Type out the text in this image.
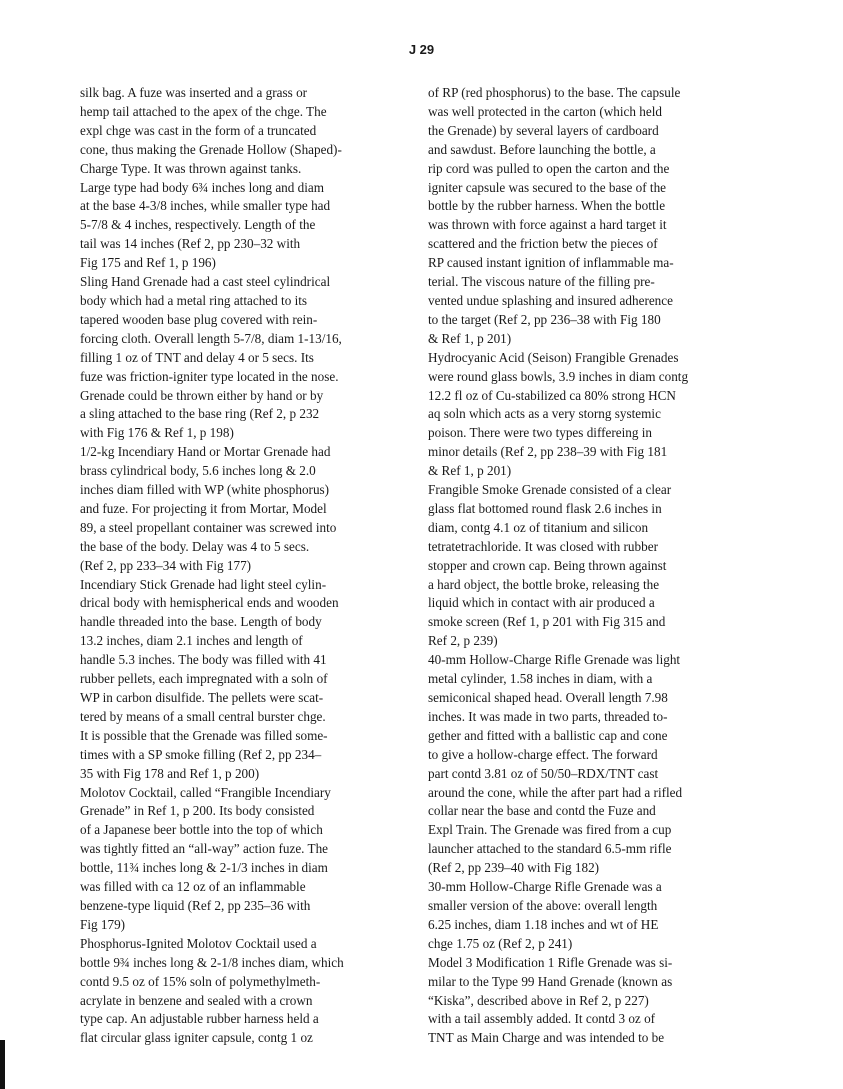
J 29
silk bag. A fuze was inserted and a grass or
hemp tail attached to the apex of the chge. The
expl chge was cast in the form of a truncated
cone, thus making the Grenade Hollow (Shaped)-
Charge Type. It was thrown against tanks.
Large type had body 6¾ inches long and diam
at the base 4-3/8 inches, while smaller type had
5-7/8 & 4 inches, respectively. Length of the
tail was 14 inches (Ref 2, pp 230–32 with
Fig 175 and Ref 1, p 196)
Sling Hand Grenade had a cast steel cylindrical
body which had a metal ring attached to its
tapered wooden base plug covered with rein-
forcing cloth. Overall length 5-7/8, diam 1-13/16,
filling 1 oz of TNT and delay 4 or 5 secs. Its
fuze was friction-igniter type located in the nose.
Grenade could be thrown either by hand or by
a sling attached to the base ring (Ref 2, p 232
with Fig 176 & Ref 1, p 198)
1/2-kg Incendiary Hand or Mortar Grenade had
brass cylindrical body, 5.6 inches long & 2.0
inches diam filled with WP (white phosphorus)
and fuze. For projecting it from Mortar, Model
89, a steel propellant container was screwed into
the base of the body. Delay was 4 to 5 secs.
(Ref 2, pp 233–34 with Fig 177)
Incendiary Stick Grenade had light steel cylin-
drical body with hemispherical ends and wooden
handle threaded into the base. Length of body
13.2 inches, diam 2.1 inches and length of
handle 5.3 inches. The body was filled with 41
rubber pellets, each impregnated with a soln of
WP in carbon disulfide. The pellets were scat-
tered by means of a small central burster chge.
It is possible that the Grenade was filled some-
times with a SP smoke filling (Ref 2, pp 234–
35 with Fig 178 and Ref 1, p 200)
Molotov Cocktail, called “Frangible Incendiary
Grenade” in Ref 1, p 200. Its body consisted
of a Japanese beer bottle into the top of which
was tightly fitted an “all-way” action fuze. The
bottle, 11¾ inches long & 2-1/3 inches in diam
was filled with ca 12 oz of an inflammable
benzene-type liquid (Ref 2, pp 235–36 with
Fig 179)
Phosphorus-Ignited Molotov Cocktail used a
bottle 9¾ inches long & 2-1/8 inches diam, which
contd 9.5 oz of 15% soln of polymethylmeth-
acrylate in benzene and sealed with a crown
type cap. An adjustable rubber harness held a
flat circular glass igniter capsule, contg 1 oz
of RP (red phosphorus) to the base. The capsule
was well protected in the carton (which held
the Grenade) by several layers of cardboard
and sawdust. Before launching the bottle, a
rip cord was pulled to open the carton and the
igniter capsule was secured to the base of the
bottle by the rubber harness. When the bottle
was thrown with force against a hard target it
scattered and the friction betw the pieces of
RP caused instant ignition of inflammable ma-
terial. The viscous nature of the filling pre-
vented undue splashing and insured adherence
to the target (Ref 2, pp 236–38 with Fig 180
& Ref 1, p 201)
Hydrocyanic Acid (Seison) Frangible Grenades
were round glass bowls, 3.9 inches in diam contg
12.2 fl oz of Cu-stabilized ca 80% strong HCN
aq soln which acts as a very storng systemic
poison. There were two types differeing in
minor details (Ref 2, pp 238–39 with Fig 181
& Ref 1, p 201)
Frangible Smoke Grenade consisted of a clear
glass flat bottomed round flask 2.6 inches in
diam, contg 4.1 oz of titanium and silicon
tetratetrachloride. It was closed with rubber
stopper and crown cap. Being thrown against
a hard object, the bottle broke, releasing the
liquid which in contact with air produced a
smoke screen (Ref 1, p 201 with Fig 315 and
Ref 2, p 239)
40-mm Hollow-Charge Rifle Grenade was light
metal cylinder, 1.58 inches in diam, with a
semiconical shaped head. Overall length 7.98
inches. It was made in two parts, threaded to-
gether and fitted with a ballistic cap and cone
to give a hollow-charge effect. The forward
part contd 3.81 oz of 50/50–RDX/TNT cast
around the cone, while the after part had a rifled
collar near the base and contd the Fuze and
Expl Train. The Grenade was fired from a cup
launcher attached to the standard 6.5-mm rifle
(Ref 2, pp 239–40 with Fig 182)
30-mm Hollow-Charge Rifle Grenade was a
smaller version of the above: overall length
6.25 inches, diam 1.18 inches and wt of HE
chge 1.75 oz (Ref 2, p 241)
Model 3 Modification 1 Rifle Grenade was si-
milar to the Type 99 Hand Grenade (known as
“Kiska”, described above in Ref 2, p 227)
with a tail assembly added. It contd 3 oz of
TNT as Main Charge and was intended to be
